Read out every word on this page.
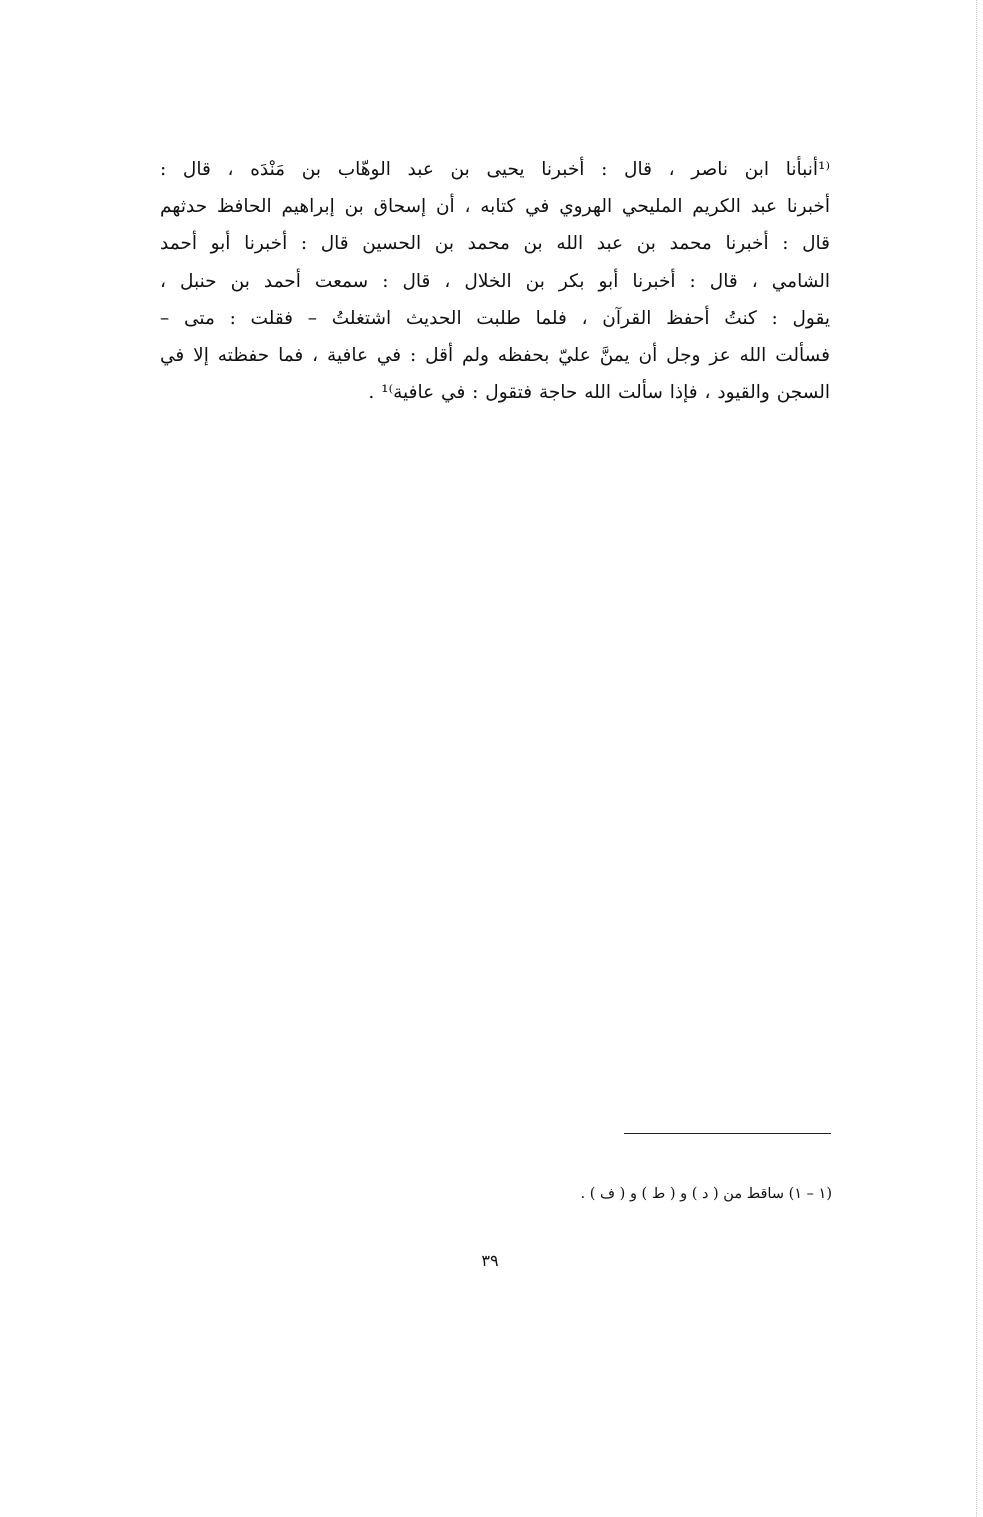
⁽¹أنبأنا ابن ناصر ، قال : أخبرنا يحيى بن عبد الوهّاب بن مَنْدَه ، قال :
أخبرنا عبد الكريم المليحي الهروي في كتابه ، أن إسحاق بن إبراهيم الحافظ حدثهم
قال : أخبرنا محمد بن عبد الله بن محمد بن الحسين قال : أخبرنا أبو أحمد
الشامي ، قال : أخبرنا أبو بكر بن الخلال ، قال : سمعت أحمد بن حنبل ،
يقول : كنتُ أحفظ القرآن ، فلما طلبت الحديث اشتغلتُ – فقلت : متى –
فسألت الله عز وجل أن يمنَّ عليّ بحفظه ولم أقل : في عافية ، فما حفظته إلا في
السجن والقيود ، فإذا سألت الله حاجة فتقول : في عافية⁾¹ .
(١ – ١) ساقط من ( د ) و ( ط ) و ( ف ) .
٣٩
